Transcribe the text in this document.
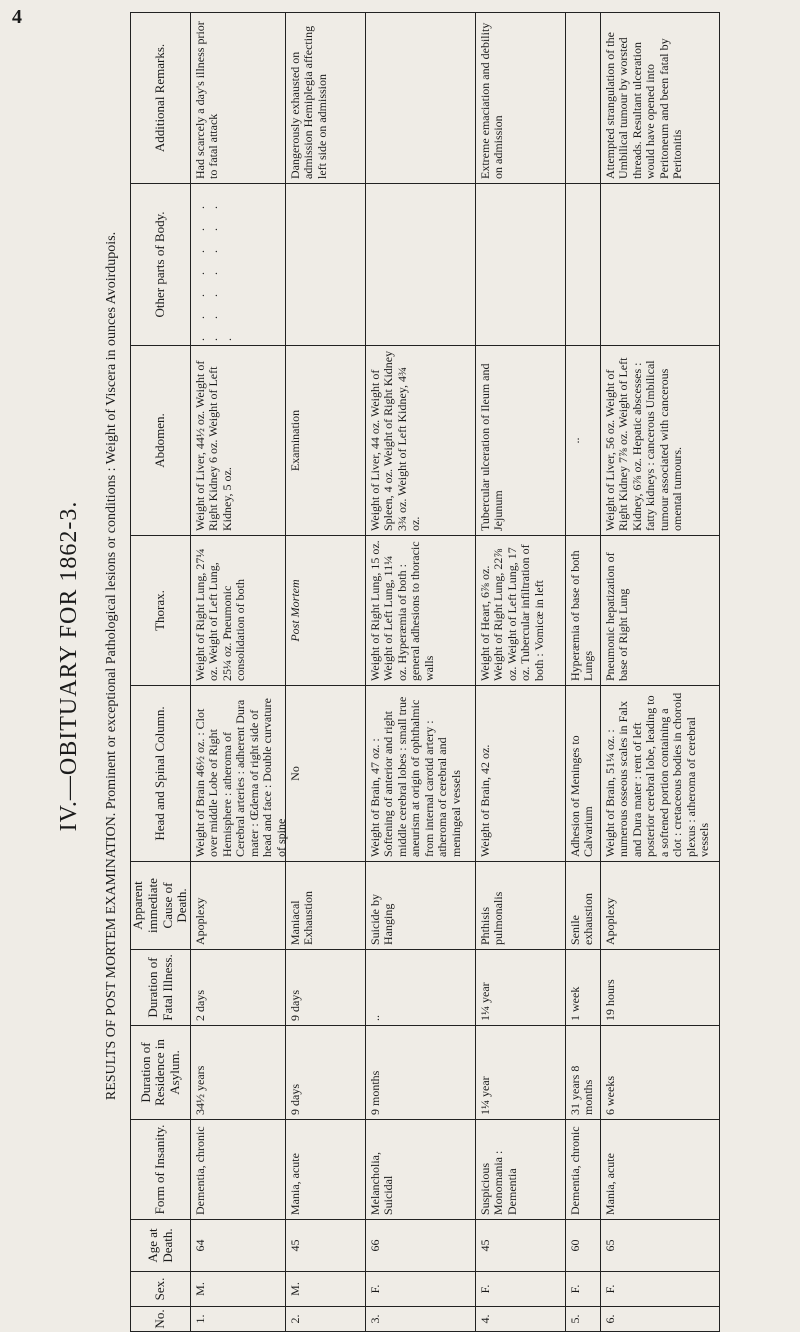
4
IV.—OBITUARY FOR 1862-3.
RESULTS OF POST MORTEM EXAMINATION. Prominent or exceptional Pathological lesions or conditions : Weight of Viscera in ounces Avoirdupois.
No.
Sex.
Age at Death.
Form of Insanity.
Duration of Residence in Asylum.
Duration of Fatal Illness.
Apparent immediate Cause of Death.
Head and Spinal Column.
Thorax.
Abdomen.
Other parts of Body.
Additional Remarks.
1.
M.
64
Dementia, chronic
34½ years
2 days
Apoplexy
Weight of Brain 46½ oz. : Clot over middle Lobe of Right Hemisphere : atheroma of Cerebral arteries : adherent Dura mater : Œdema of right side of head and face : Double curvature of spine
Weight of Right Lung, 27¼ oz. Weight of Left Lung, 25¼ oz. Pneumonic consolidation of both
Weight of Liver, 44½ oz. Weight of Right Kidney 6 oz. Weight of Left Kidney, 5 oz.
. . . . . . . . . . . . . . .
Had scarcely a day's illness prior to fatal attack
2.
M.
45
Mania, acute
9 days
9 days
Maniacal Exhaustion
No
Post Mortem
Examination
Dangerously exhausted on admission Hemiplegia affecting left side on admission
3.
F.
66
Melancholia, Suicidal
9 months
..
Suicide by Hanging
Weight of Brain, 47 oz. : Softening of anterior and right middle cerebral lobes : small true aneurism at origin of ophthalmic from internal carotid artery : atheroma of cerebral and meningeal vessels
Weight of Right Lung, 15 oz. Weight of Left Lung, 11¼ oz. Hyperæmia of both : general adhesions to thoracic walls
Weight of Liver, 44 oz. Weight of Spleen, 4 oz. Weight of Right Kidney 3¾ oz. Weight of Left Kidney, 4¾ oz.
4.
F.
45
Suspicious Monomania : Dementia
1¼ year
1¼ year
Phthisis pulmonalis
Weight of Brain, 42 oz.
Weight of Heart, 6⅞ oz. Weight of Right Lung, 22⅞ oz. Weight of Left Lung, 17 oz. Tubercular infiltration of both : Vomicæ in left
Tubercular ulceration of Ileum and Jejunum
Extreme emaciation and debility on admission
5.
F.
60
Dementia, chronic
31 years 8 months
1 week
Senile exhaustion
Adhesion of Meninges to Calvarium
Hyperæmia of base of both Lungs
..
6.
F.
65
Mania, acute
6 weeks
19 hours
Apoplexy
Weight of Brain, 51¼ oz. : numerous osseous scales in Falx and Dura mater : rent of left posterior cerebral lobe, leading to a softened portion containing a clot : cretaceous bodies in choroid plexus : atheroma of cerebral vessels
Pneumonic hepatization of base of Right Lung
Weight of Liver, 56 oz. Weight of Right Kidney 7⅞ oz. Weight of Left Kidney, 6⅞ oz. Hepatic abscesses : fatty kidneys : cancerous Umbilical tumour associated with cancerous omental tumours.
Attempted strangulation of the Umbilical tumour by worsted threads. Resultant ulceration would have opened into Peritoneum and been fatal by Peritonitis
